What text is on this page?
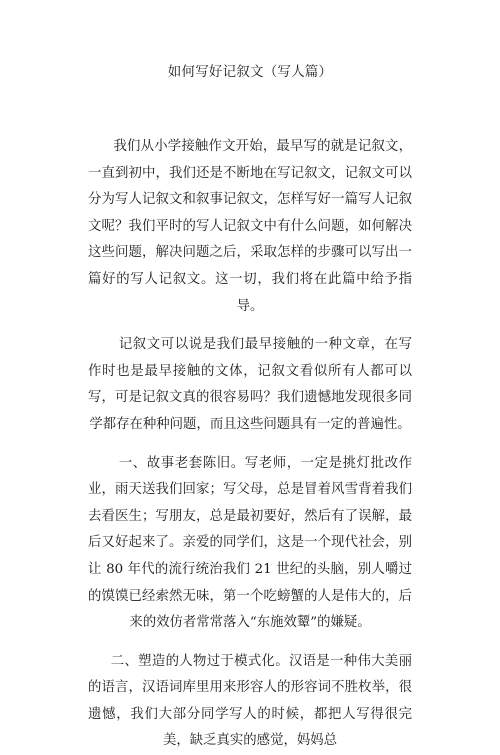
如何写好记叙文（写人篇）

我们从小学接触作文开始，最早写的就是记叙文，一直到初中，我们还是不断地在写记叙文，记叙文可以分为写人记叙文和叙事记叙文，怎样写好一篇写人记叙文呢？我们平时的写人记叙文中有什么问题，如何解决这些问题，解决问题之后，采取怎样的步骤可以写出一篇好的写人记叙文。这一切，我们将在此篇中给予指导。

记叙文可以说是我们最早接触的一种文章，在写作时也是最早接触的文体，记叙文看似所有人都可以写，可是记叙文真的很容易吗？我们遗憾地发现很多同学都存在种种问题，而且这些问题具有一定的普遍性。

一、故事老套陈旧。写老师，一定是挑灯批改作业，雨天送我们回家；写父母，总是冒着风雪背着我们去看医生；写朋友，总是最初要好，然后有了误解，最后又好起来了。亲爱的同学们，这是一个现代社会，别让 80 年代的流行统治我们 21 世纪的头脑，别人嚼过的馍馍已经索然无味，第一个吃螃蟹的人是伟大的，后来的效仿者常常落入“东施效颦”的嫌疑。

二、塑造的人物过于模式化。汉语是一种伟大美丽的语言，汉语词库里用来形容人的形容词不胜枚举，很遗憾，我们大部分同学写人的时候，都把人写得很完美，缺乏真实的感觉，妈妈总
